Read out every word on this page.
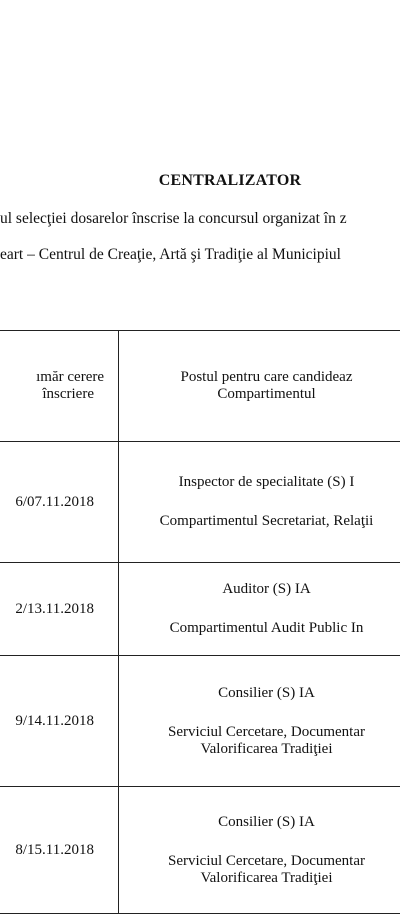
CENTRALIZATOR
ul selecţiei dosarelor înscrise la concursul organizat în z
eart – Centrul de Creaţie, Artă şi Tradiţie al Municipiul
ımăr cerere
înscriere	Postul pentru care candideaz
Compartimentul

6/07.11.2018	Inspector de specialitate (S) I
Compartimentul Secretariat, Relaţii

2/13.11.2018	Auditor (S) IA
Compartimentul Audit Public In

9/14.11.2018	Consilier (S) IA
Serviciul Cercetare, Documentar
Valorificarea Tradiţiei

8/15.11.2018	Consilier (S) IA
Serviciul Cercetare, Documentar
Valorificarea Tradiţiei
